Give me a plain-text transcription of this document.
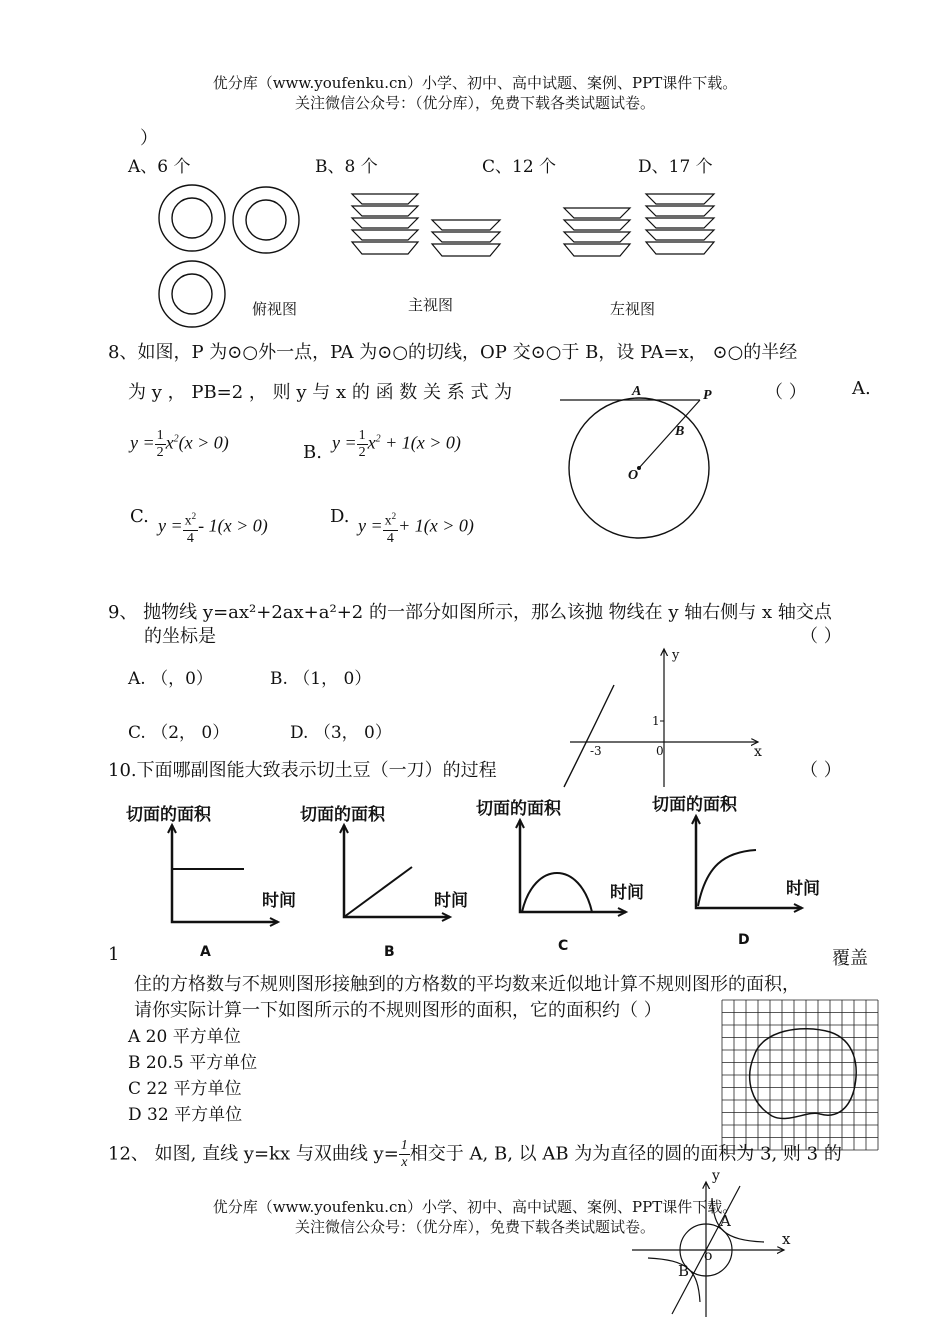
优分库（www.youfenku.cn）小学、初中、高中试题、案例、PPT课件下载。
关注微信公众号：（优分库），免费下载各类试题试卷。
）
A、6 个	B、8 个	C、12 个	D、17 个
俯视图	主视图	左视图
8、如图，P 为⊙○外一点，PA 为⊙○的切线，OP 交⊙○于 B，设 PA=x， ⊙○的半经
为 y ， PB=2 ， 则 y 与 x 的 函 数 关 系 式 为	（ ）	A.
$y = \frac{1}{2} x^2(x > 0)$	B. $y = \frac{1}{2} x^2 + 1(x > 0)$
C. $y = \frac{x^2}{4} - 1(x > 0)$	D. $y = \frac{x^2}{4} + 1(x > 0)$
A	P
B
O
9、 抛物线 y=ax²+2ax+a²+2 的一部分如图所示，那么该抛 物线在 y 轴右侧与 x 轴交点
的坐标是	（ ）
A. （，0）	B. （1， 0）
C. （2， 0）	D. （3， 0）
y
1
-3	0	x
10.下面哪副图能大致表示切土豆（一刀）的过程	（ ）
切面的面积
时间
A
切面的面积
时间
B
切面的面积
时间
C
切面的面积
时间
D
1	覆盖
住的方格数与不规则图形接触到的方格数的平均数来近似地计算不规则图形的面积，
请你实际计算一下如图所示的不规则图形的面积，它的面积约（ ）
A 20 平方单位
B 20.5 平方单位
C 22 平方单位
D 32 平方单位
12、 如图, 直线 y=kx 与双曲线 $y= \frac{1}{x}$ 相交于 A, B, 以 AB 为为直径的圆的面积为 3, 则 3 的
y
A
x
o
B
优分库（www.youfenku.cn）小学、初中、高中试题、案例、PPT课件下载。
关注微信公众号：（优分库），免费下载各类试题试卷。
